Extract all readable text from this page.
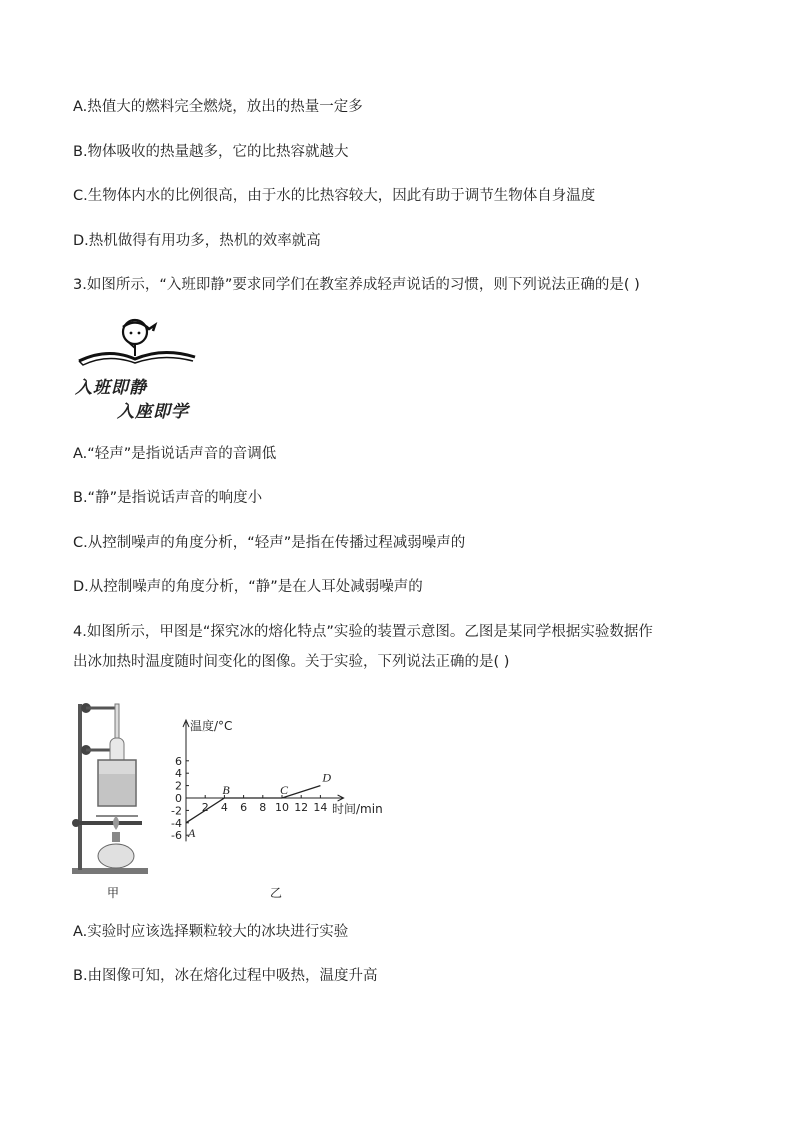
A.热值大的燃料完全燃烧，放出的热量一定多
B.物体吸收的热量越多，它的比热容就越大
C.生物体内水的比例很高，由于水的比热容较大，因此有助于调节生物体自身温度
D.热机做得有用功多，热机的效率就高
3.如图所示，“入班即静”要求同学们在教室养成轻声说话的习惯，则下列说法正确的是( )
入班即静
入座即学
A.“轻声”是指说话声音的音调低
B.“静”是指说话声音的响度小
C.从控制噪声的角度分析，“轻声”是指在传播过程减弱噪声的
D.从控制噪声的角度分析，“静”是在人耳处减弱噪声的
4.如图所示，甲图是“探究冰的熔化特点”实验的装置示意图。乙图是某同学根据实验数据作
出冰加热时温度随时间变化的图像。关于实验，下列说法正确的是( )
甲
2 4 6 8 10 12 14
6
4
2
0
-2
-4
-6 A
B	C
D
温度/°C
时间/min
乙
A.实验时应该选择颗粒较大的冰块进行实验
B.由图像可知，冰在熔化过程中吸热，温度升高
